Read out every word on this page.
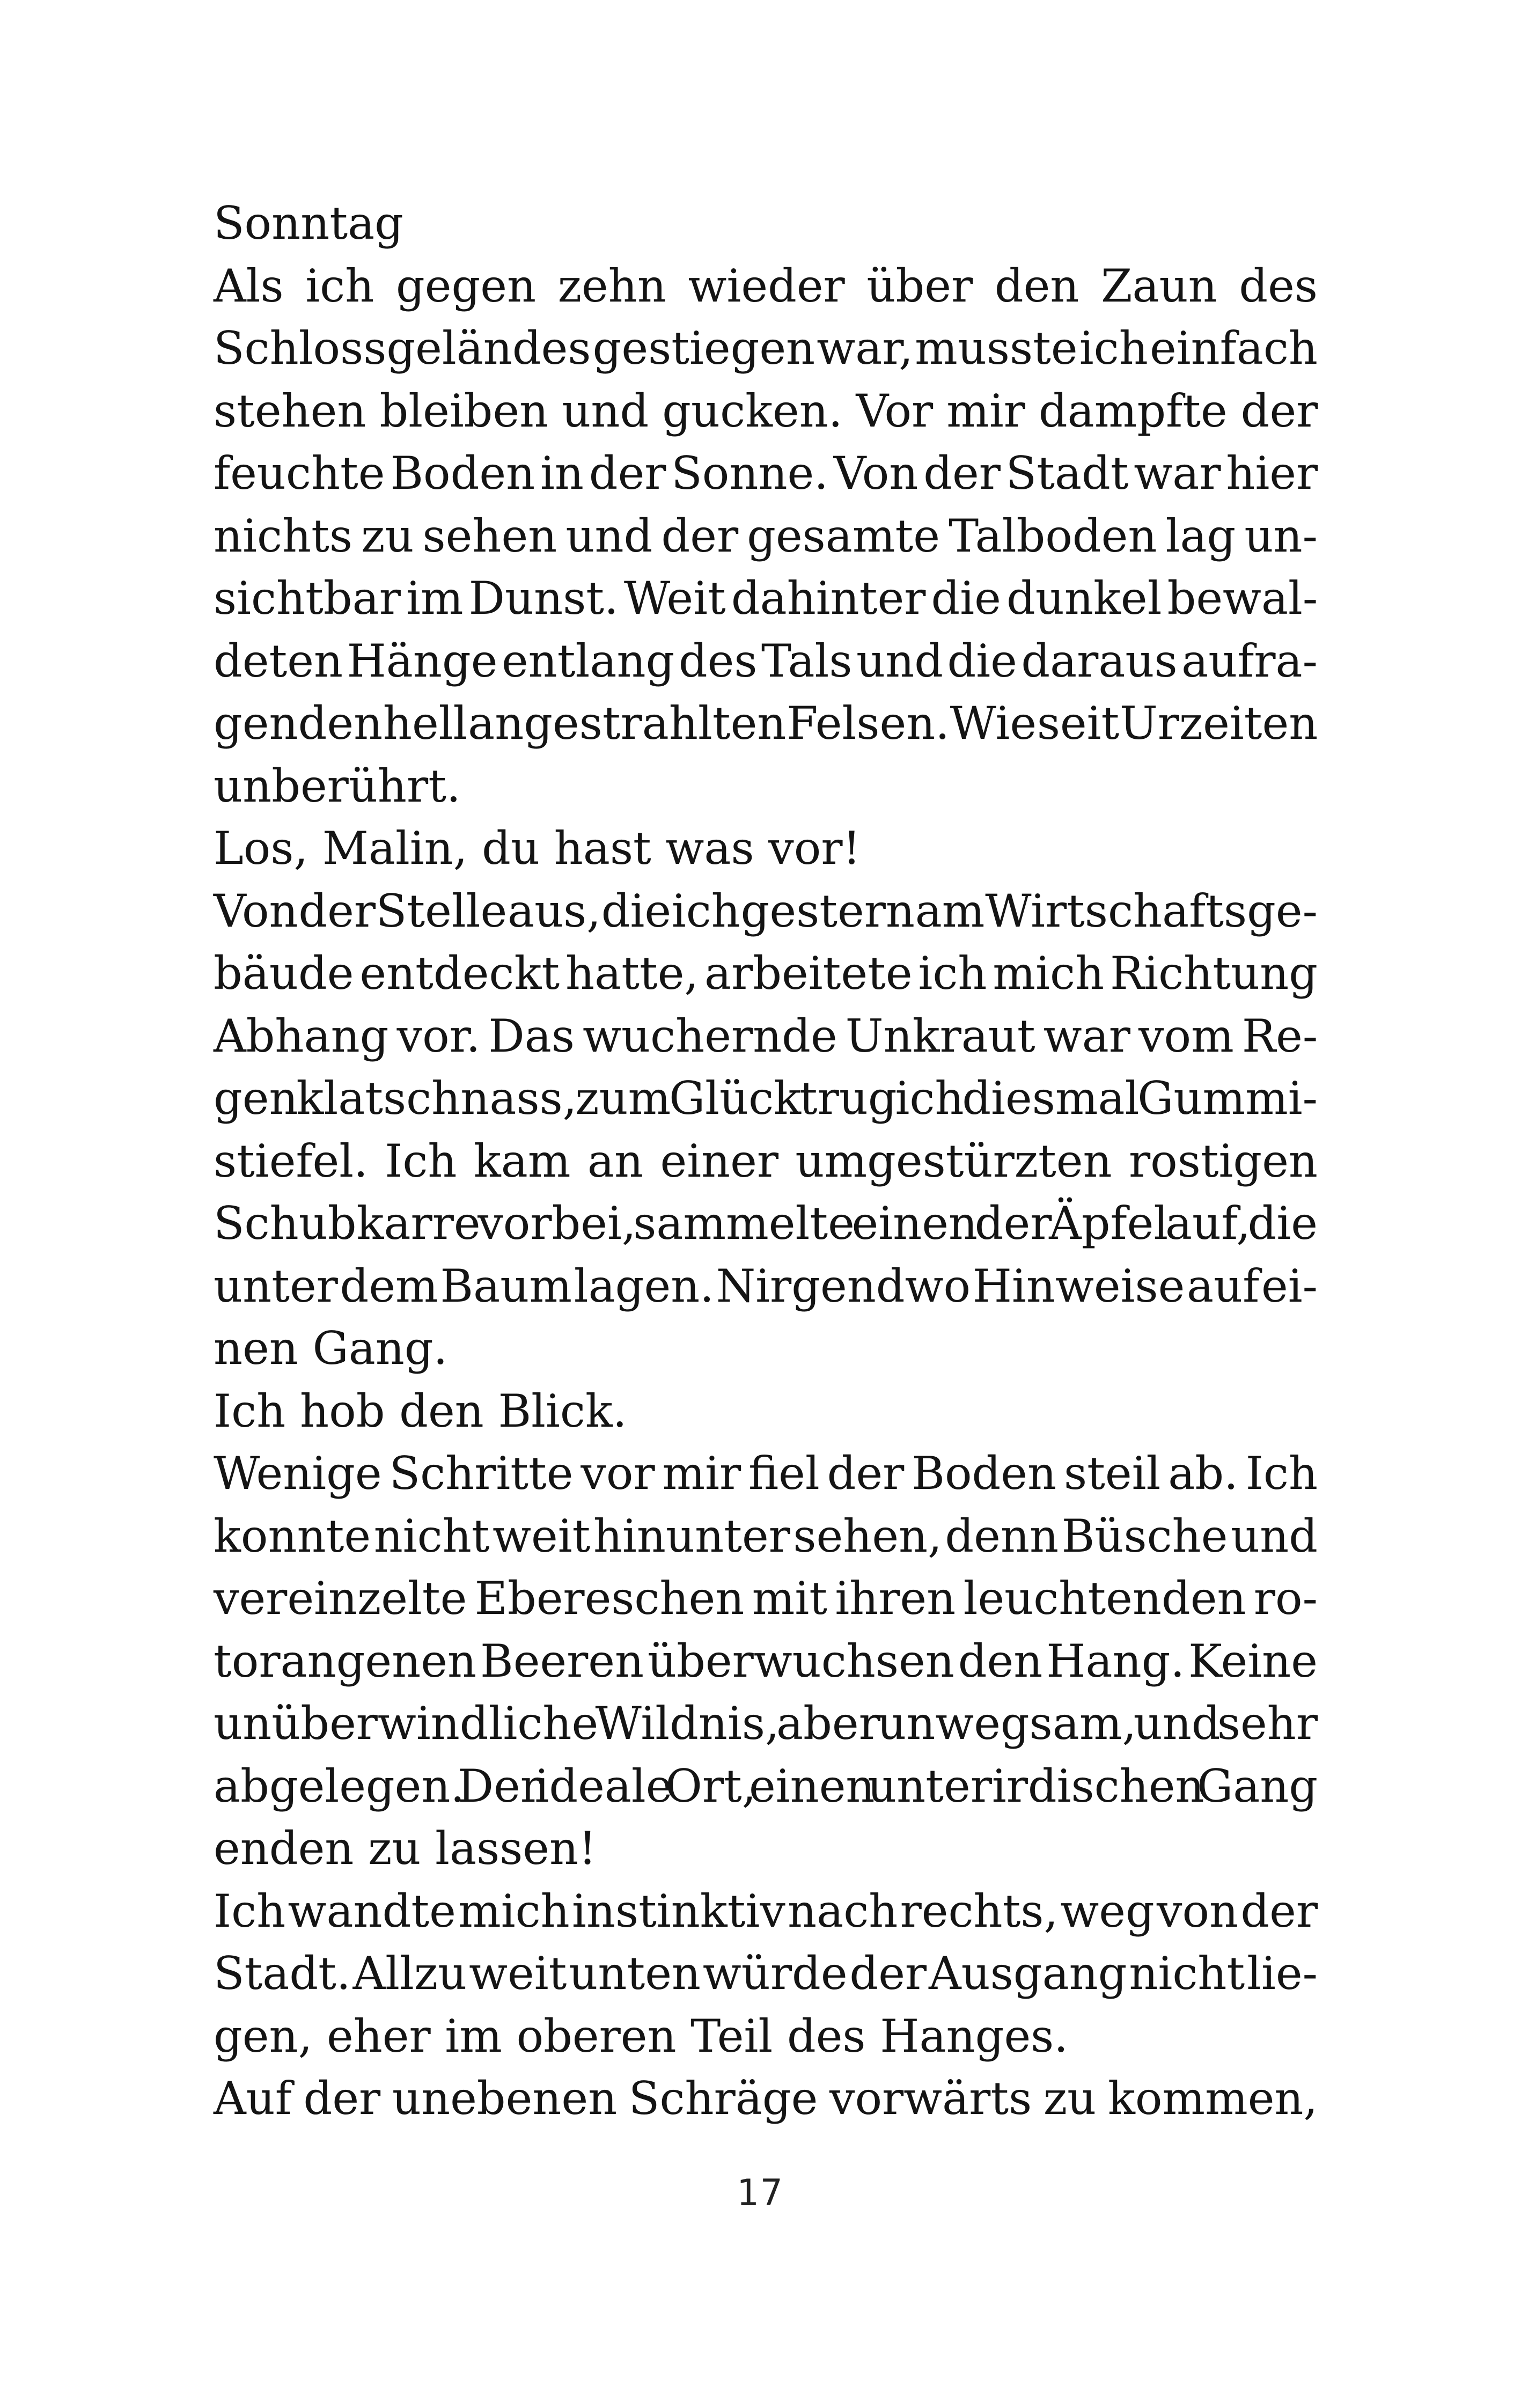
Sonntag
Als ich gegen zehn wieder über den Zaun des
Schlossgeländes gestiegen war, musste ich einfach
stehen bleiben und gucken. Vor mir dampfte der
feuchte Boden in der Sonne. Von der Stadt war hier
nichts zu sehen und der gesamte Talboden lag un-
sichtbar im Dunst. Weit dahinter die dunkel bewal-
deten Hänge entlang des Tals und die daraus aufra-
genden hell angestrahlten Felsen. Wie seit Urzeiten
unberührt.
Los, Malin, du hast was vor!
Von der Stelle aus, die ich gestern am Wirtschaftsge-
bäude entdeckt hatte, arbeitete ich mich Richtung
Abhang vor. Das wuchernde Unkraut war vom Re-
gen klatschnass, zum Glück trug ich diesmal Gummi-
stiefel. Ich kam an einer umgestürzten rostigen
Schubkarre vorbei, sammelte einen der Äpfel auf, die
unter dem Baum lagen. Nirgendwo Hinweise auf ei-
nen Gang.
Ich hob den Blick.
Wenige Schritte vor mir fiel der Boden steil ab. Ich
konnte nicht weit hinunter sehen, denn Büsche und
vereinzelte Ebereschen mit ihren leuchtenden ro-
torangenen Beeren überwuchsen den Hang. Keine
unüberwindliche Wildnis, aber unwegsam, und sehr
abgelegen. Der ideale Ort, einen unterirdischen Gang
enden zu lassen!
Ich wandte mich instinktiv nach rechts, weg von der
Stadt. Allzu weit unten würde der Ausgang nicht lie-
gen, eher im oberen Teil des Hanges.
Auf der unebenen Schräge vorwärts zu kommen,
17
